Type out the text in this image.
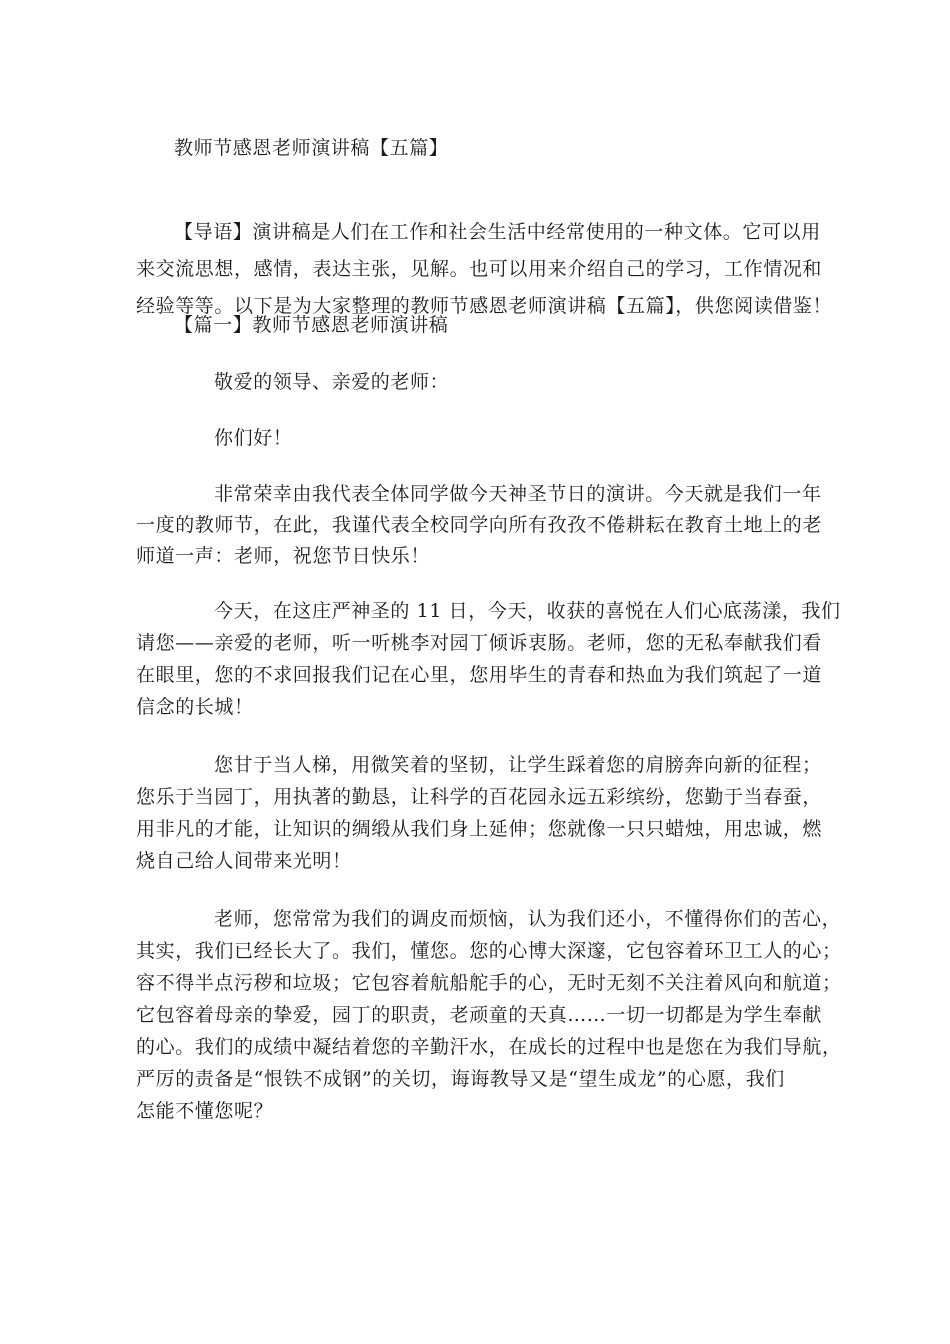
教师节感恩老师演讲稿【五篇】
【导语】演讲稿是人们在工作和社会生活中经常使用的一种文体。它可以用
来交流思想，感情，表达主张，见解。也可以用来介绍自己的学习，工作情况和
经验等等。以下是为大家整理的教师节感恩老师演讲稿【五篇】，供您阅读借鉴！
【篇一】教师节感恩老师演讲稿
敬爱的领导、亲爱的老师：
你们好！
非常荣幸由我代表全体同学做今天神圣节日的演讲。今天就是我们一年
一度的教师节，在此，我谨代表全校同学向所有孜孜不倦耕耘在教育土地上的老
师道一声：老师，祝您节日快乐！
今天，在这庄严神圣的 11 日，今天，收获的喜悦在人们心底荡漾，我们
请您——亲爱的老师，听一听桃李对园丁倾诉衷肠。老师，您的无私奉献我们看
在眼里，您的不求回报我们记在心里，您用毕生的青春和热血为我们筑起了一道
信念的长城！
您甘于当人梯，用微笑着的坚韧，让学生踩着您的肩膀奔向新的征程；
您乐于当园丁，用执著的勤恳，让科学的百花园永远五彩缤纷，您勤于当春蚕，
用非凡的才能，让知识的绸缎从我们身上延伸；您就像一只只蜡烛，用忠诚，燃
烧自己给人间带来光明！
老师，您常常为我们的调皮而烦恼，认为我们还小，不懂得你们的苦心，
其实，我们已经长大了。我们，懂您。您的心博大深邃，它包容着环卫工人的心；
容不得半点污秽和垃圾；它包容着航船舵手的心，无时无刻不关注着风向和航道；
它包容着母亲的挚爱，园丁的职责，老顽童的天真……一切一切都是为学生奉献
的心。我们的成绩中凝结着您的辛勤汗水，在成长的过程中也是您在为我们导航，
严厉的责备是“恨铁不成钢”的关切，诲诲教导又是“望生成龙”的心愿，我们
怎能不懂您呢？
